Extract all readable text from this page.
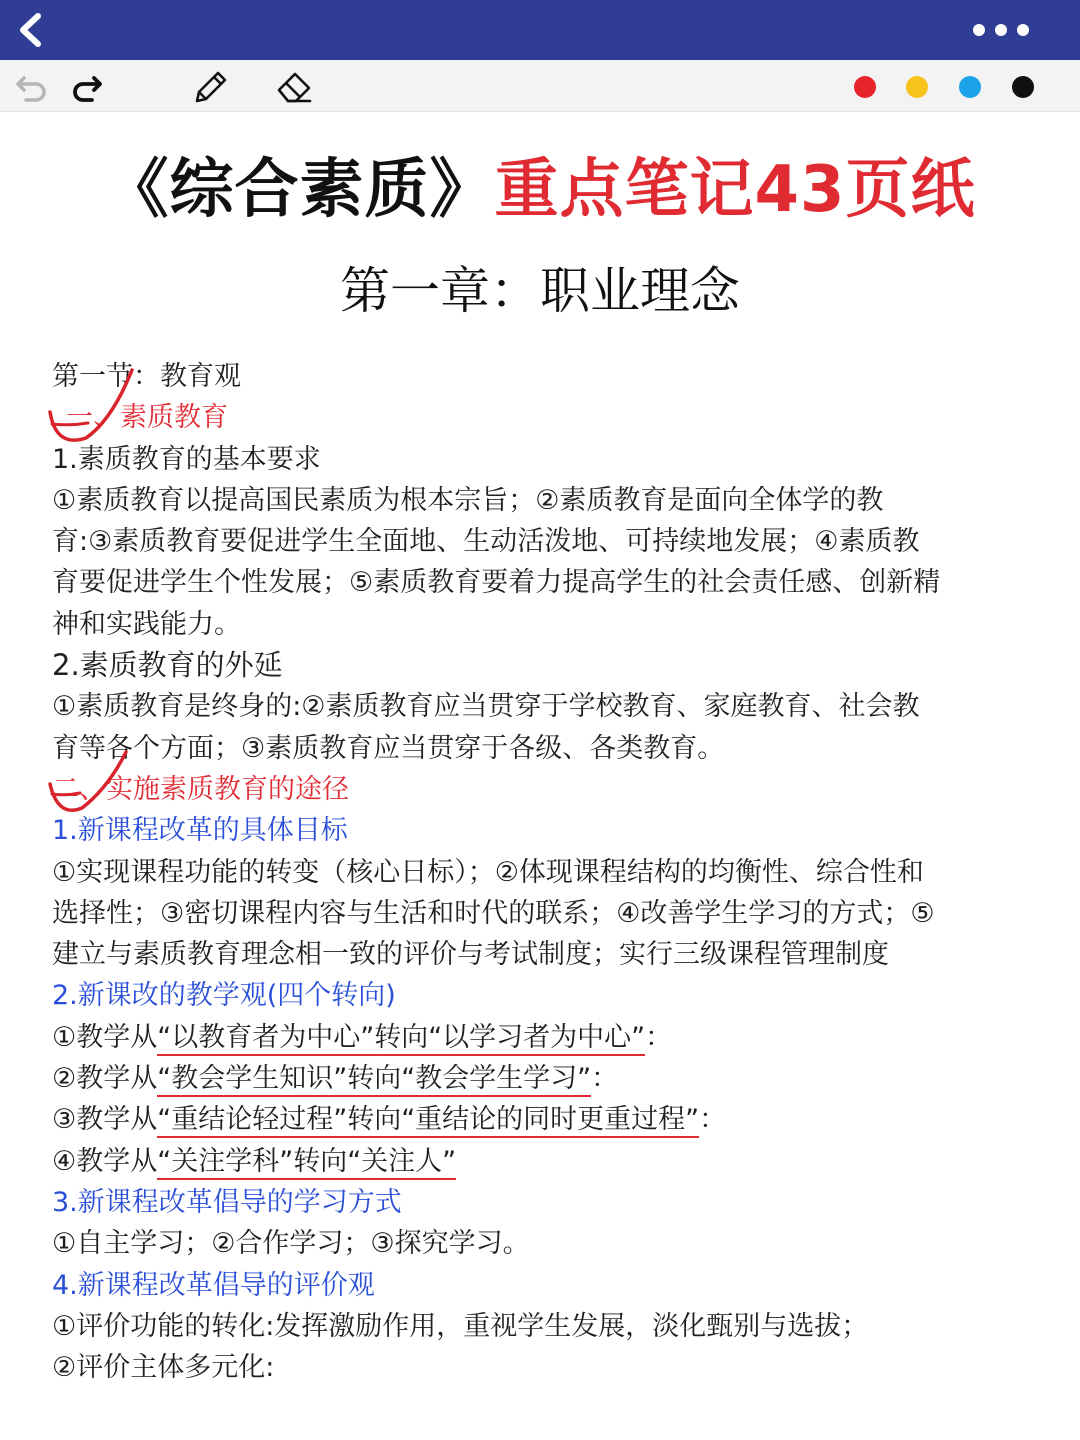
《综合素质》重点笔记43页纸
第一章：职业理念
第一节：教育观
一、素质教育
1.素质教育的基本要求
①素质教育以提高国民素质为根本宗旨；②素质教育是面向全体学的教
育:③素质教育要促进学生全面地、生动活泼地、可持续地发展；④素质教
育要促进学生个性发展；⑤素质教育要着力提高学生的社会责任感、创新精
神和实践能力。
2.素质教育的外延
①素质教育是终身的:②素质教育应当贯穿于学校教育、家庭教育、社会教
育等各个方面；③素质教育应当贯穿于各级、各类教育。
二、实施素质教育的途径
1.新课程改革的具体目标
①实现课程功能的转变（核心日标）；②体现课程结构的均衡性、综合性和
选择性；③密切课程内容与生活和时代的联系；④改善学生学习的方式；⑤
建立与素质教育理念相一致的评价与考试制度；实行三级课程管理制度
2.新课改的教学观(四个转向)
①教学从“以教育者为中心”转向“以学习者为中心”：
②教学从“教会学生知识”转向“教会学生学习”：
③教学从“重结论轻过程”转向“重结论的同时更重过程”：
④教学从“关注学科”转向“关注人”
3.新课程改革倡导的学习方式
①自主学习；②合作学习；③探究学习。
4.新课程改革倡导的评价观
①评价功能的转化:发挥激励作用，重视学生发展，淡化甄别与选拔；
②评价主体多元化:
